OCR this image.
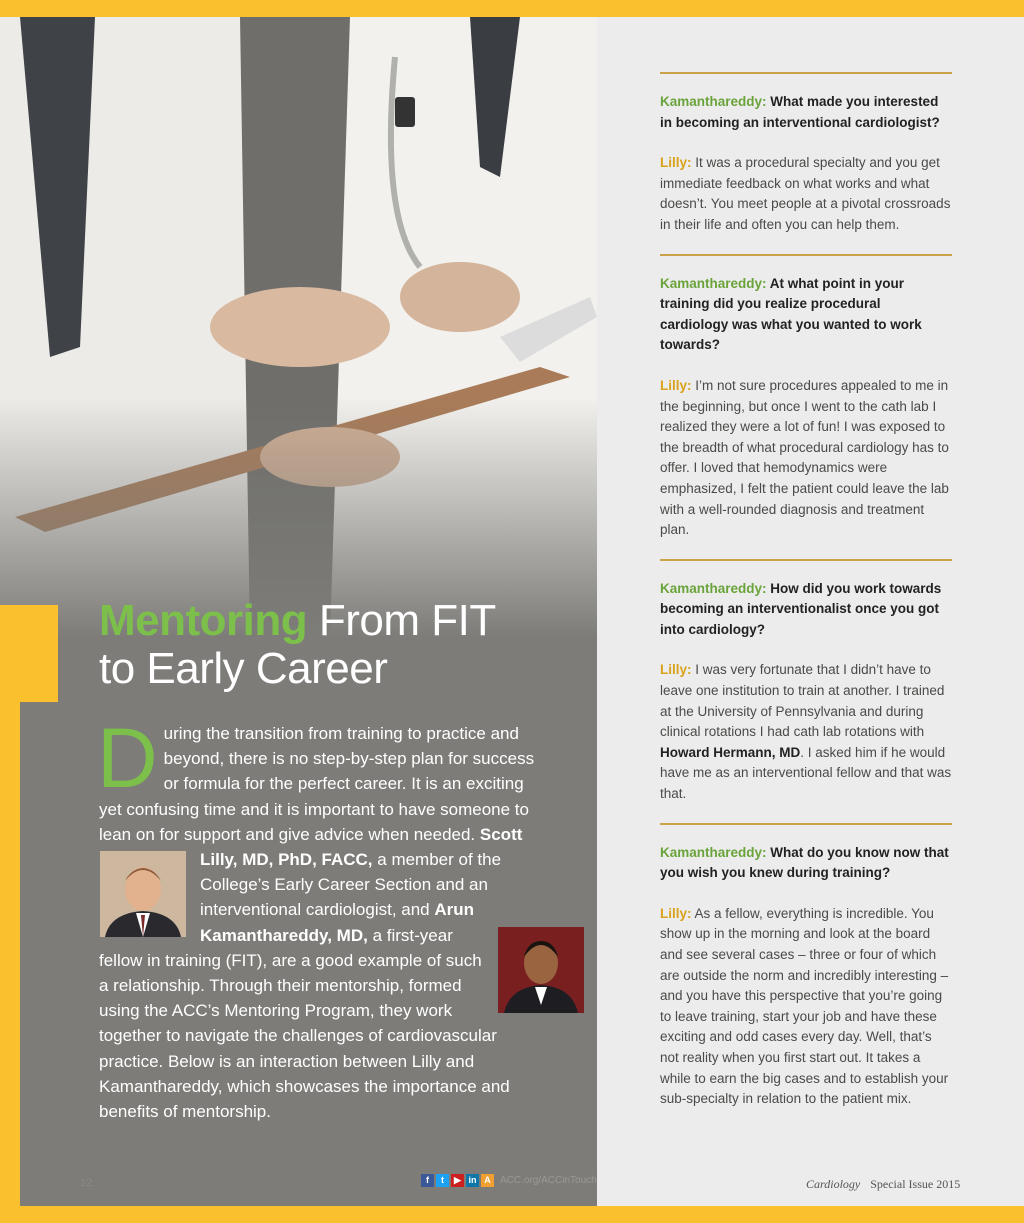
Mentoring From FIT
to Early Career

During the transition from training to practice and beyond, there is no step-by-step plan for success or formula for the perfect career. It is an exciting yet confusing time and it is important to have someone to lean on for support and give advice when needed. Scott Lilly, MD, PhD, FACC,
a member of the College’s Early Career Section and an interventional cardiologist, and Arun Kamanthareddy, MD,
a first-year fellow in training (FIT), are a good example of such a relationship. Through their mentorship, formed using the ACC’s Mentoring Program, they work together to navigate the challenges of cardiovascular practice. Below is an interaction between Lilly and Kamanthareddy, which showcases the importance and benefits of mentorship.

12	f	t	▶ in A ACC.org/ACCinTouch
Kamanthareddy: What made you interested in becoming an interventional cardiologist?
Lilly: It was a procedural specialty and you get immediate feedback on what works and what doesn’t. You meet people at a pivotal crossroads in their life and often you can help them.
Kamanthareddy: At what point in your training did you realize procedural cardiology was what you wanted to work towards?
Lilly: I’m not sure procedures appealed to me in the beginning, but once I went to the cath lab I realized they were a lot of fun! I was exposed to the breadth of what procedural cardiology has to offer. I loved that hemodynamics were emphasized, I felt the patient could leave the lab with a well-rounded diagnosis and treatment plan.
Kamanthareddy: How did you work towards becoming an interventionalist once you got into cardiology?
Lilly: I was very fortunate that I didn’t have to leave one institution to train at another. I trained at the University of Pennsylvania and during clinical rotations I had cath lab rotations with Howard Hermann, MD. I asked him if he would have me as an interventional fellow and that was that.
Kamanthareddy: What do you know now that you wish you knew during training?
Lilly: As a fellow, everything is incredible. You show up in the morning and look at the board and see several cases – three or four of which are outside the norm and incredibly interesting – and you have this perspective that you’re going to leave training, start your job and have these exciting and odd cases every day. Well, that’s not reality when you first start out. It takes a while to earn the big cases and to establish your sub-specialty in relation to the patient mix.
Cardiology Special Issue 2015
